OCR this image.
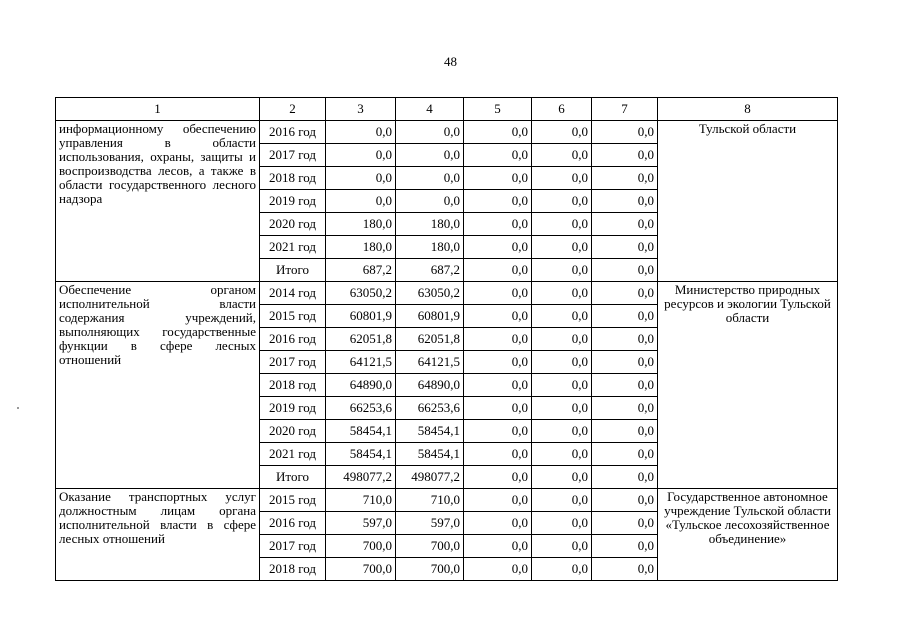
48
1	2	3	4	5	6	7	8
информационному обеспечению управления в области использования, охраны, защиты и воспроизводства лесов, а также в области государственного лесного надзора	2016 год	0,0	0,0	0,0	0,0	0,0	Тульской области
	2017 год	0,0	0,0	0,0	0,0	0,0	
	2018 год	0,0	0,0	0,0	0,0	0,0	
	2019 год	0,0	0,0	0,0	0,0	0,0	
	2020 год	180,0	180,0	0,0	0,0	0,0	
	2021 год	180,0	180,0	0,0	0,0	0,0	
	Итого	687,2	687,2	0,0	0,0	0,0	
Обеспечение органом исполнительной власти содержания учреждений, выполняющих государственные функции в сфере лесных отношений	2014 год	63050,2	63050,2	0,0	0,0	0,0	Министерство природных ресурсов и экологии Тульской области
	2015 год	60801,9	60801,9	0,0	0,0	0,0	
	2016 год	62051,8	62051,8	0,0	0,0	0,0	
	2017 год	64121,5	64121,5	0,0	0,0	0,0	
	2018 год	64890,0	64890,0	0,0	0,0	0,0	
	2019 год	66253,6	66253,6	0,0	0,0	0,0	
	2020 год	58454,1	58454,1	0,0	0,0	0,0	
	2021 год	58454,1	58454,1	0,0	0,0	0,0	
	Итого	498077,2	498077,2	0,0	0,0	0,0	
Оказание транспортных услуг должностным лицам органа исполнительной власти в сфере лесных отношений	2015 год	710,0	710,0	0,0	0,0	0,0	Государственное автономное учреждение Тульской области «Тульское лесохозяйственное объединение»
	2016 год	597,0	597,0	0,0	0,0	0,0	
	2017 год	700,0	700,0	0,0	0,0	0,0	
	2018 год	700,0	700,0	0,0	0,0	0,0	
